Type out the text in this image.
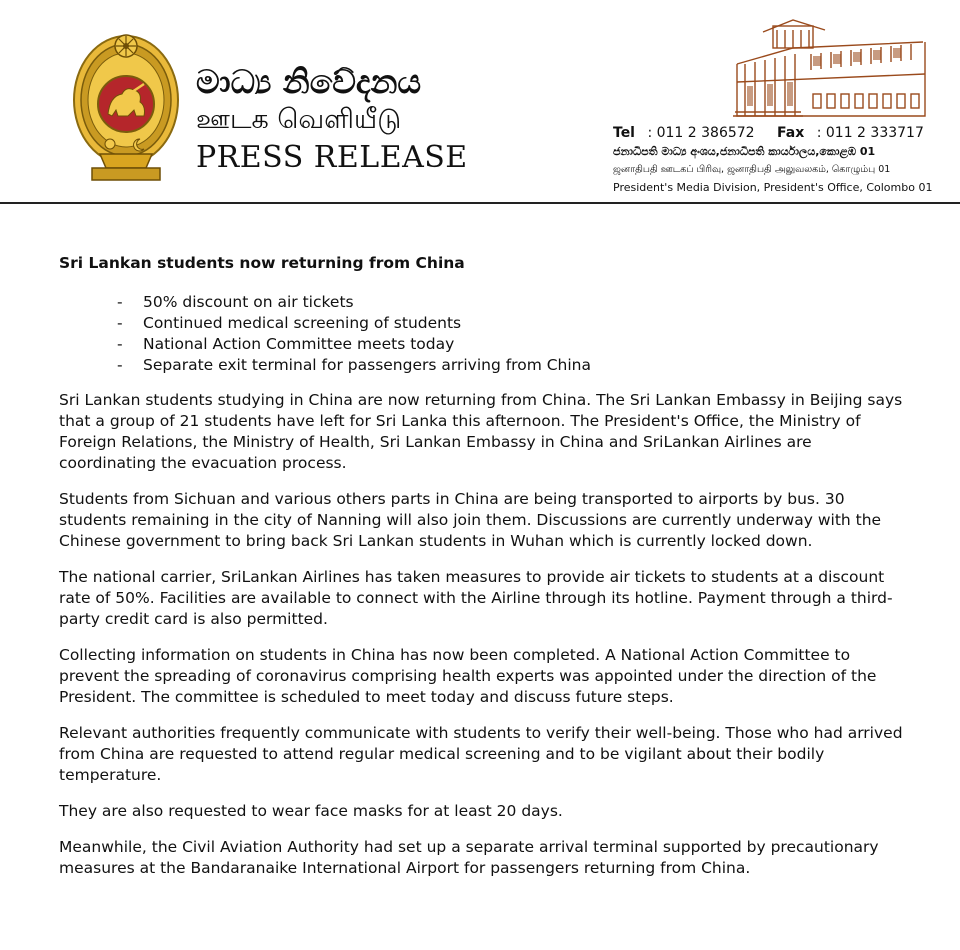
මාධ්‍ය නිවේදනය
ஊடக வெளியீடு
PRESS RELEASE
Tel : 011 2 386572 Fax : 011 2 333717
ජනාධිපති මාධ්‍ය අංශය,ජනාධිපති කාර්යාලය,කොළඹ 01
ஜனாதிபதி ஊடகப் பிரிவு, ஜனாதிபதி அலுவலகம், கொழும்பு 01
President's Media Division, President's Office, Colombo 01
Sri Lankan students now returning from China
- 50% discount on air tickets
- Continued medical screening of students
- National Action Committee meets today
- Separate exit terminal for passengers arriving from China

Sri Lankan students studying in China are now returning from China. The Sri Lankan Embassy in Beijing says that a group of 21 students have left for Sri Lanka this afternoon. The President's Office, the Ministry of Foreign Relations, the Ministry of Health, Sri Lankan Embassy in China and SriLankan Airlines are coordinating the evacuation process.

Students from Sichuan and various others parts in China are being transported to airports by bus. 30 students remaining in the city of Nanning will also join them. Discussions are currently underway with the Chinese government to bring back Sri Lankan students in Wuhan which is currently locked down.

The national carrier, SriLankan Airlines has taken measures to provide air tickets to students at a discount rate of 50%. Facilities are available to connect with the Airline through its hotline. Payment through a third-party credit card is also permitted.

Collecting information on students in China has now been completed. A National Action Committee to prevent the spreading of coronavirus comprising health experts was appointed under the direction of the President. The committee is scheduled to meet today and discuss future steps.

Relevant authorities frequently communicate with students to verify their well-being. Those who had arrived from China are requested to attend regular medical screening and to be vigilant about their bodily temperature.

They are also requested to wear face masks for at least 20 days.

Meanwhile, the Civil Aviation Authority had set up a separate arrival terminal supported by precautionary measures at the Bandaranaike International Airport for passengers returning from China.
